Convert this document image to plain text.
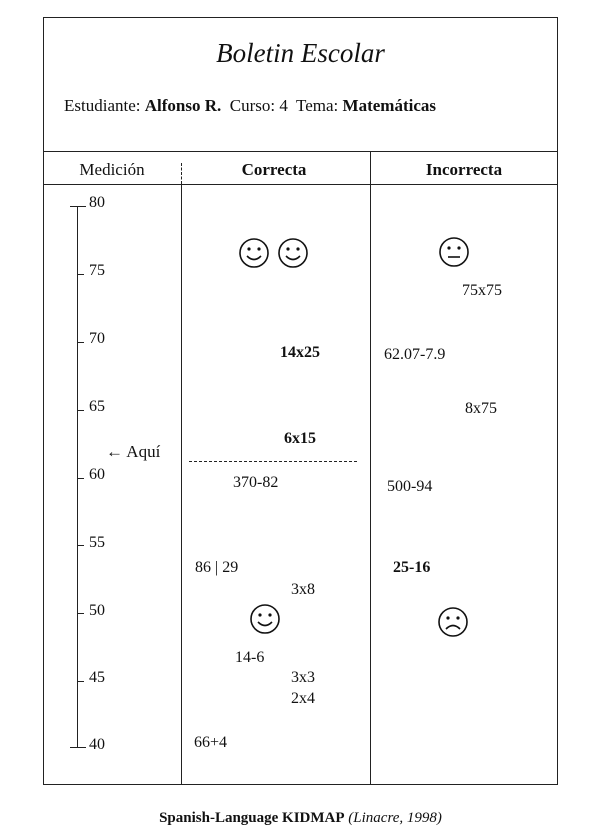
Boletin Escolar
Estudiante: Alfonso R. Curso: 4 Tema: Matemáticas
Medición	Correcta	Incorrecta
80
75
70
65
60
55
50
45
40
← Aquí
14x25
6x15
370-82
86 | 29
3x8
14-6
3x3
2x4
66+4
75x75
62.07-7.9
8x75
500-94
25-16
Spanish-Language KIDMAP (Linacre, 1998)
